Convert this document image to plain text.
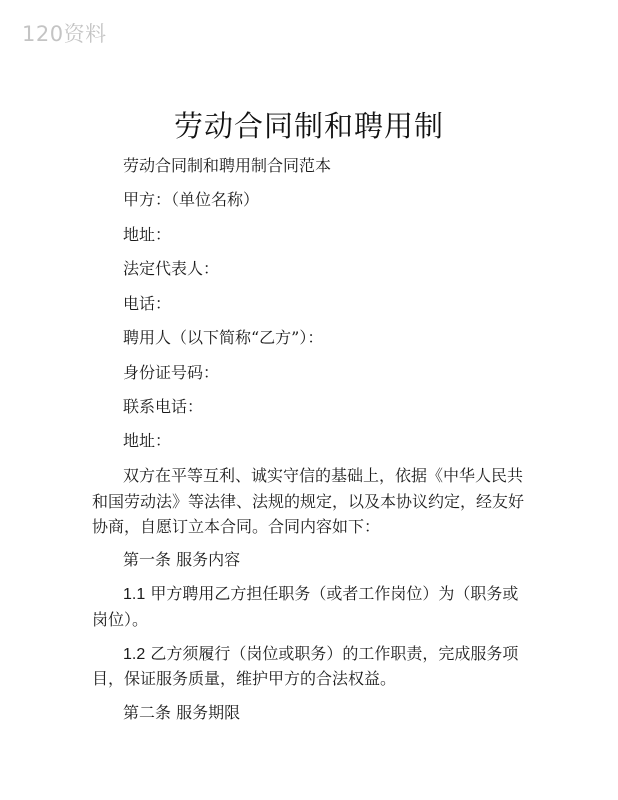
120资料
劳动合同制和聘用制
劳动合同制和聘用制合同范本
甲方：（单位名称）
地址：
法定代表人：
电话：
聘用人（以下简称“乙方”）：
身份证号码：
联系电话：
地址：
双方在平等互利、诚实守信的基础上，依据《中华人民共
和国劳动法》等法律、法规的规定，以及本协议约定，经友好
协商，自愿订立本合同。合同内容如下：
第一条 服务内容
1.1 甲方聘用乙方担任职务（或者工作岗位）为（职务或
岗位）。
1.2 乙方须履行（岗位或职务）的工作职责，完成服务项
目，保证服务质量，维护甲方的合法权益。
第二条 服务期限
